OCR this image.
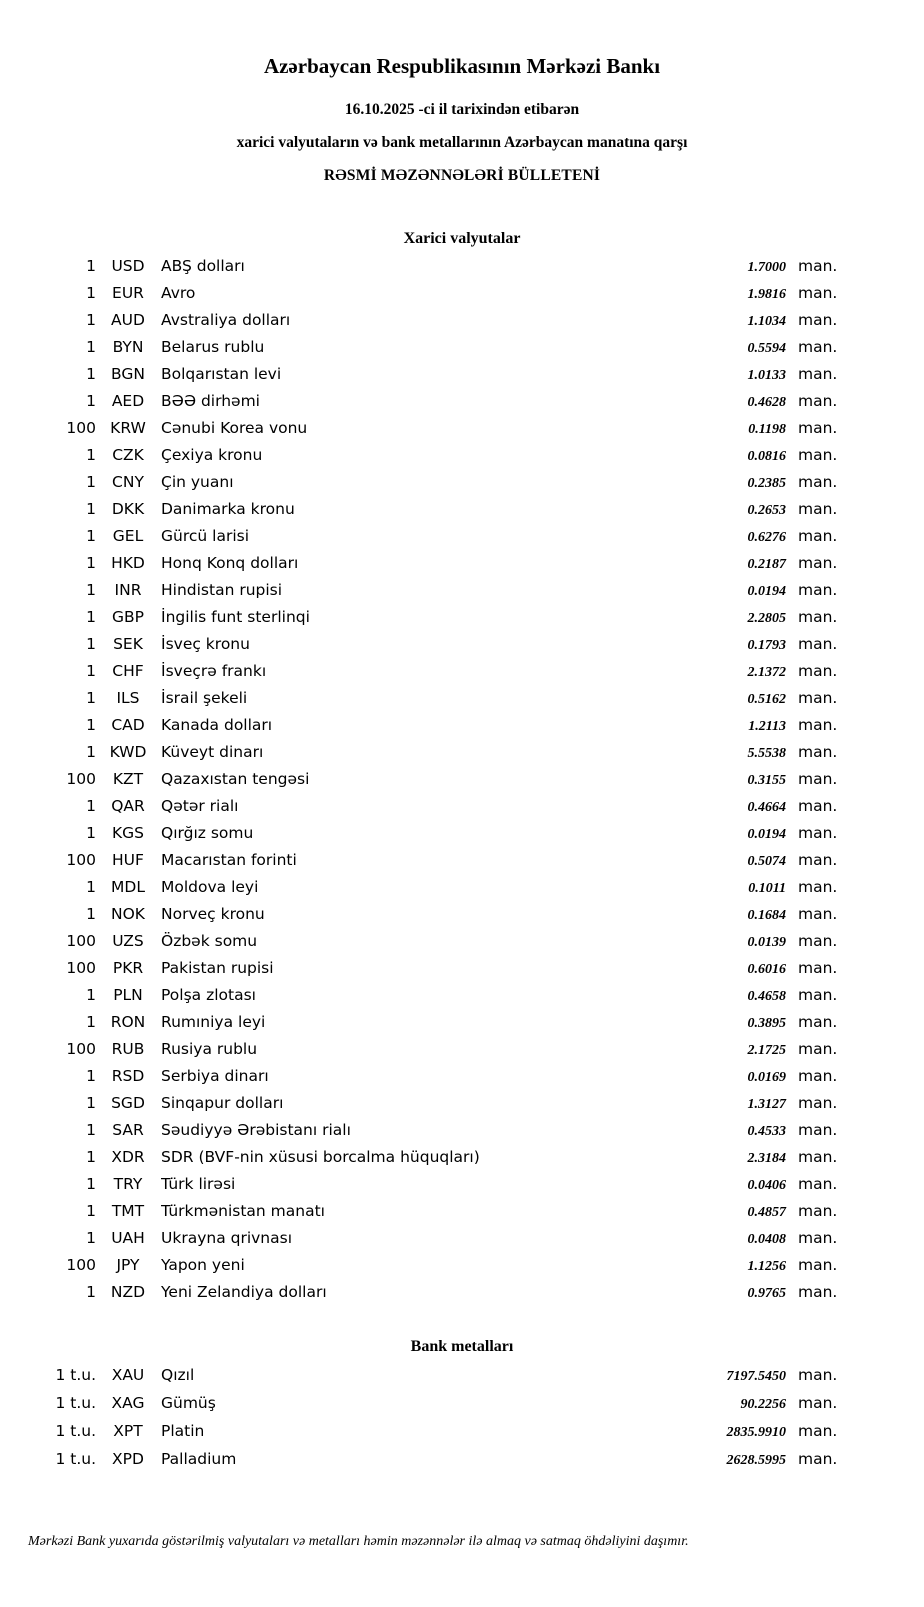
Azərbaycan Respublikasının Mərkəzi Bankı

16.10.2025 -ci il tarixindən etibarən

xarici valyutaların və bank metallarının Azərbaycan manatına qarşı

RƏSMİ MƏZƏNNƏLƏRİ BÜLLETENİ

Xarici valyutalar
1 USD	ABŞ dolları	1.7000 man.
1	EUR	Avro	1.9816 man.
1 AUD	Avstraliya dolları	1.1034 man.
1	BYN	Belarus rublu	0.5594 man.
1 BGN	Bolqarıstan levi	1.0133 man.
1	AED	BƏƏ dirhəmi	0.4628 man.
100 KRW Cənubi Korea vonu	0.1198 man.
1	CZK	Çexiya kronu	0.0816 man.
1	CNY	Çin yuanı	0.2385 man.
1	DKK	Danimarka kronu	0.2653 man.
1	GEL	Gürcü larisi	0.6276 man.
1 HKD	Honq Konq dolları	0.2187 man.
1	INR	Hindistan rupisi	0.0194 man.
1	GBP	İngilis funt sterlinqi	2.2805 man.
1	SEK	İsveç kronu	0.1793 man.
1	CHF	İsveçrə frankı	2.1372 man.
1	ILS	İsrail şekeli	0.5162 man.
1 CAD	Kanada dolları	1.2113 man.
1 KWD Küveyt dinarı	5.5538 man.
100	KZT	Qazaxıstan tengəsi	0.3155 man.
1 QAR	Qətər rialı	0.4664 man.
1	KGS	Qırğız somu	0.0194 man.
100	HUF	Macarıstan forinti	0.5074 man.
1 MDL	Moldova leyi	0.1011 man.
1 NOK	Norveç kronu	0.1684 man.
100	UZS	Özbək somu	0.0139 man.
100	PKR	Pakistan rupisi	0.6016 man.
1	PLN	Polşa zlotası	0.4658 man.
1 RON	Rumıniya leyi	0.3895 man.
100	RUB	Rusiya rublu	2.1725 man.
1	RSD	Serbiya dinarı	0.0169 man.
1 SGD	Sinqapur dolları	1.3127 man.
1	SAR	Səudiyyə Ərəbistanı rialı	0.4533 man.
1 XDR	SDR (BVF-nin xüsusi borcalma hüquqları)	2.3184 man.
1	TRY	Türk lirəsi	0.0406 man.
1	TMT	Türkmənistan manatı	0.4857 man.
1 UAH	Ukrayna qrivnası	0.0408 man.
100	JPY	Yapon yeni	1.1256 man.
1 NZD	Yeni Zelandiya dolları	0.9765 man.
Bank metalları
1 t.u.	XAU	Qızıl	7197.5450 man.
1 t.u.	XAG	Gümüş	90.2256 man.
1 t.u.	XPT	Platin	2835.9910 man.
1 t.u.	XPD	Palladium	2628.5995 man.

Mərkəzi Bank yuxarıda göstərilmiş valyutaları və metalları həmin məzənnələr ilə almaq və satmaq öhdəliyini daşımır.
